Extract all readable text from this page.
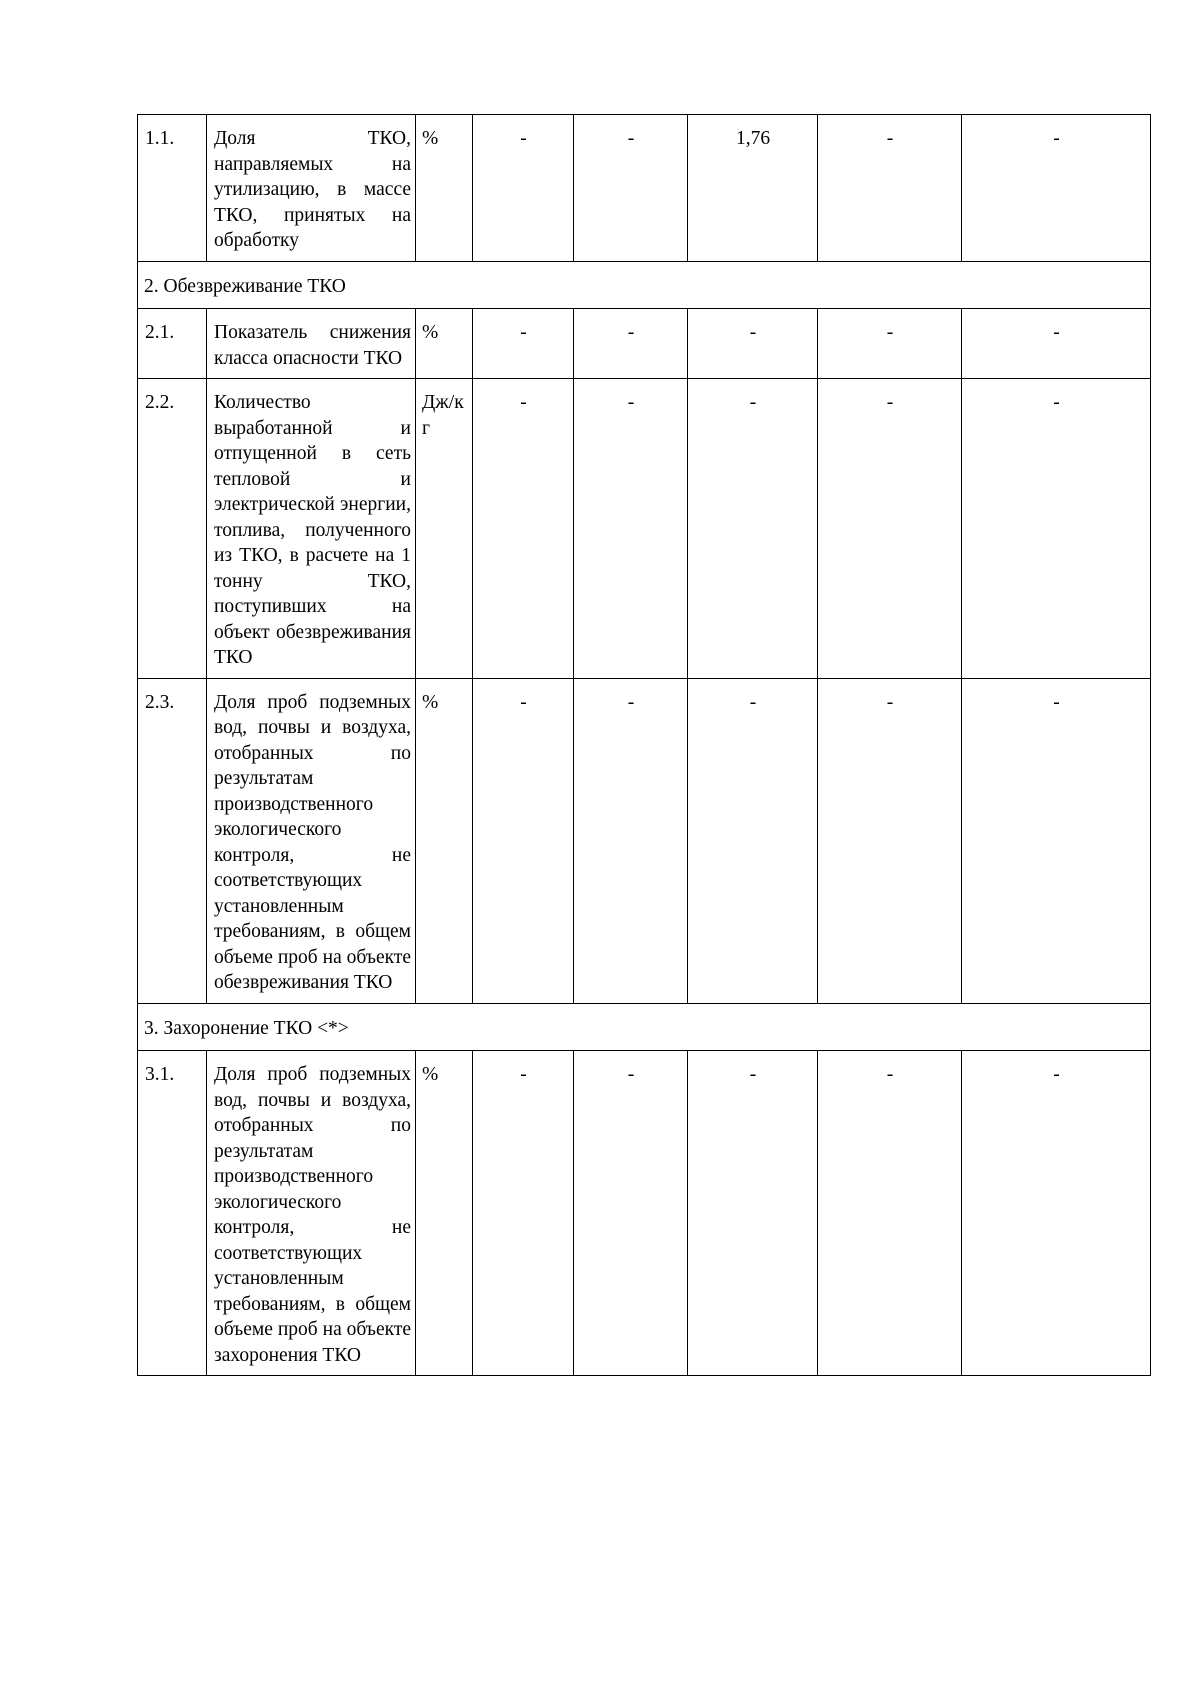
1.1.	Доля ТКО, направляемых на утилизацию, в массе ТКО, принятых на обработку	%	-	-	1,76	-	-
2. Обезвреживание ТКО							
2.1.	Показатель снижения класса опасности ТКО	%	-	-	-	-	-
2.2.	Количество выработанной и отпущенной в сеть тепловой и электрической энергии, топлива, полученного из ТКО, в расчете на 1 тонну ТКО, поступивших на объект обезвреживания ТКО	Дж/кг	-	-	-	-	-
2.3.	Доля проб подземных вод, почвы и воздуха, отобранных по результатам производственного экологического контроля, не соответствующих установленным требованиям, в общем объеме проб на объекте обезвреживания ТКО	%	-	-	-	-	-
3. Захоронение ТКО <*>							
3.1.	Доля проб подземных вод, почвы и воздуха, отобранных по результатам производственного экологического контроля, не соответствующих установленным требованиям, в общем объеме проб на объекте захоронения ТКО	%	-	-	-	-	-
